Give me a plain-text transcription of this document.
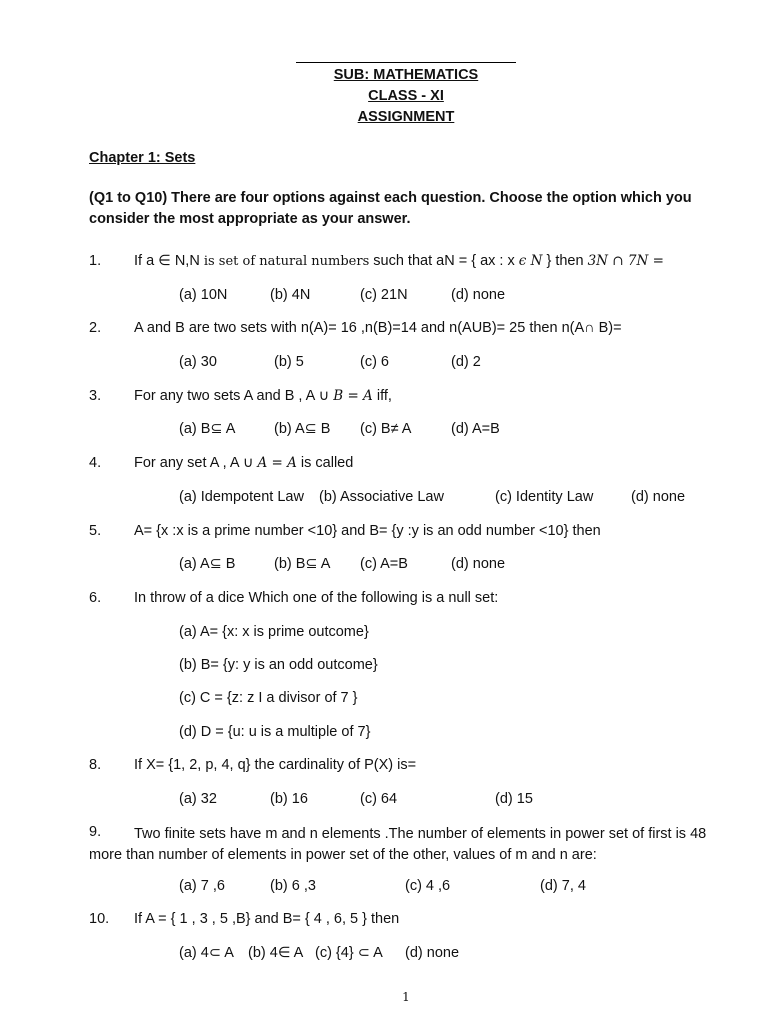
SUB: MATHEMATICS
CLASS - XI
ASSIGNMENT
Chapter 1: Sets
(Q1 to Q10) There are four options against each question. Choose the option which you consider the most appropriate as your answer.
1. If a ∈ N,N is set of natural numbers such that aN = { ax : x ϵ N } then 3N ∩ 7N =
(a) 10N	(b) 4N	(c) 21N	(d) none
2. A and B are two sets with n(A)= 16 ,n(B)=14 and n(AUB)= 25 then n(A∩ B)=
(a) 30	(b) 5	(c) 6	(d) 2
3. For any two sets A and B , A ∪ B = A iff,
(a) B⊆ A	(b) A⊆ B (c) B≠ A	(d) A=B
4. For any set A , A ∪ A = A is called
(a) Idempotent Law (b) Associative Law	(c) Identity Law	(d) none
5. A= {x :x is a prime number <10} and B= {y :y is an odd number <10} then
(a) A⊆ B	(b) B⊆ A (c) A=B	(d) none
6. In throw of a dice Which one of the following is a null set:
(a) A= {x: x is prime outcome}
(b) B= {y: y is an odd outcome}
(c) C = {z: z I a divisor of 7 }
(d) D = {u: u is a multiple of 7}
8. If X= {1, 2, p, 4, q} the cardinality of P(X) is=
(a) 32	(b) 16	(c) 64	(d) 15
9.	Two finite sets have m and n elements .The number of elements in power set of first is 48 more than number of elements in power set of the other, values of m and n are:
(a) 7 ,6	(b) 6 ,3	(c) 4 ,6	(d) 7, 4
10. If A = { 1 , 3 , 5 ,B} and B= { 4 , 6, 5 } then
(a) 4⊂ A (b) 4∈ A (c) {4} ⊂ A (d) none
1
